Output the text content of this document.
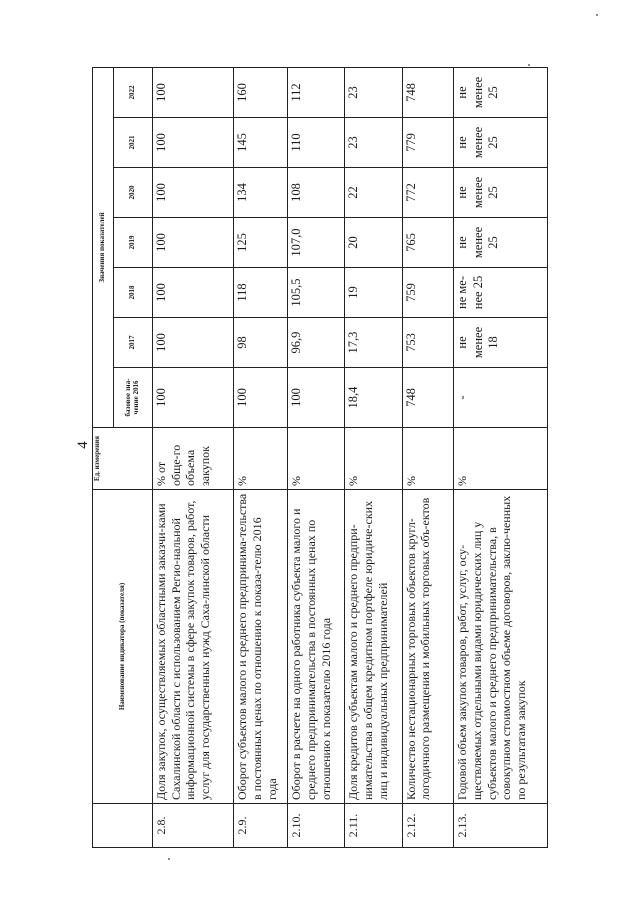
4
	Наименование индикатора (показателя)	Ед. измерения	Значения показателей						
			базовое зна-чение 2016	2017	2018	2019	2020	2021	2022
2.8.	Доля закупок, осуществляемых областными заказчи-ками Сахалинской области с использованием Регио-нальной информационной системы в сфере закупок товаров, работ, услуг для государственных нужд Саха-линской области	% от обще-го объема закупок	100	100	100	100	100	100	100
2.9.	Оборот субъектов малого и среднего предпринима-тельства в постоянных ценах по отношению к показа-телю 2016 года	%	100	98	118	125	134	145	160
2.10.	Оборот в расчете на одного работника субъекта малого и среднего предпринимательства в постоянных ценах по отношению к показателю 2016 года	%	100	96,9	105,5	107,0	108	110	112
2.11.	Доля кредитов субъектам малого и среднего предпри-нимательства в общем кредитном портфеле юридиче-ских лиц и индивидуальных предпринимателей	%	18,4	17,3	19	20	22	23	23
2.12.	Количество нестационарных торговых объектов кругл-логодичного размещения и мобильных торговых объ-ектов	%	748	753	759	765	772	779	748
2.13.	Годовой объем закупок товаров, работ, услуг, осу-ществляемых отдельными видами юридических лиц у субъектов малого и среднего предпринимательства, в совокупном стоимостном объеме договоров, заклю-ченных по результатам закупок	%	-	не менее 18	не ме-нее 25	не менее 25	не менее 25	не менее 25	не менее 25
